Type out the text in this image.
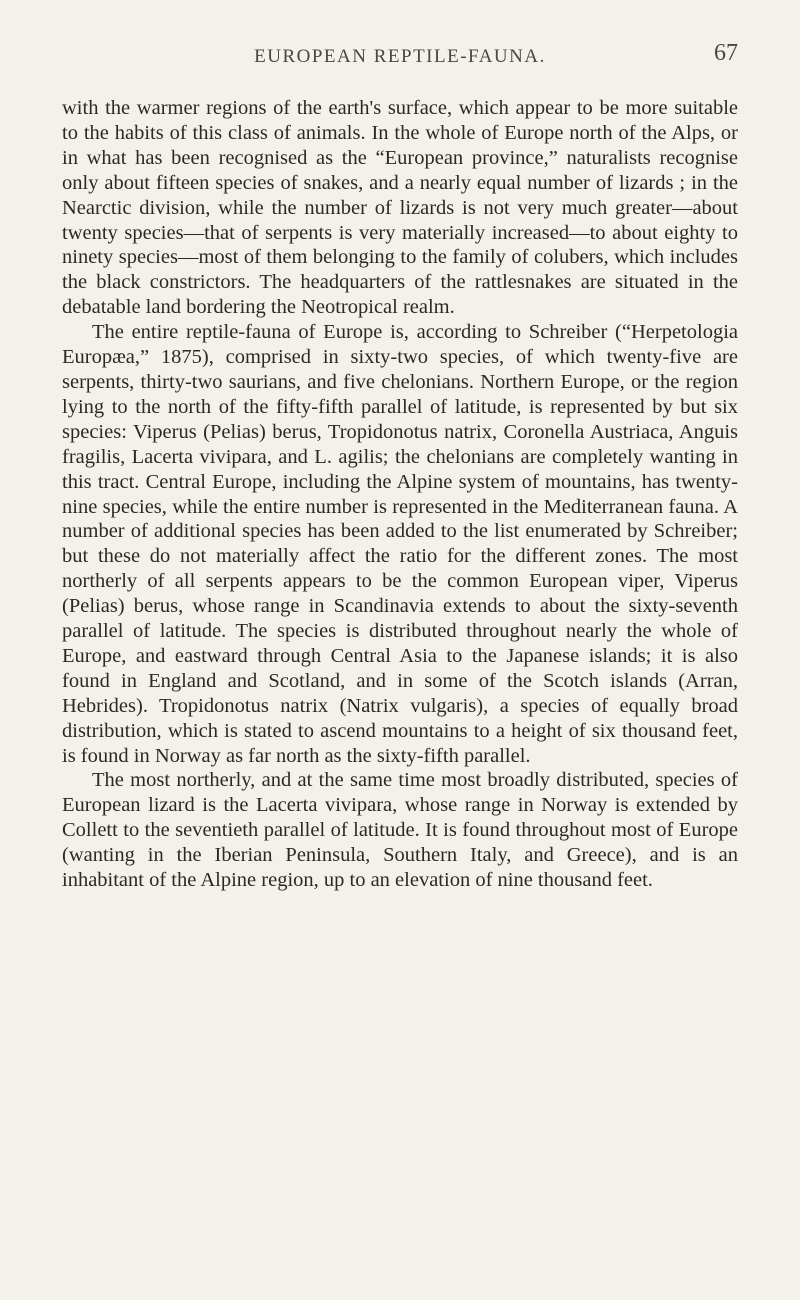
EUROPEAN REPTILE-FAUNA.	67

with the warmer regions of the earth's surface, which appear to be more suitable to the habits of this class of animals. In the whole of Europe north of the Alps, or in what has been recognised as the “European province,” naturalists recognise only about fifteen species of snakes, and a nearly equal number of lizards ; in the Nearctic division, while the number of lizards is not very much greater—about twenty species—that of serpents is very materially increased—to about eighty to ninety species—most of them belonging to the family of colubers, which includes the black constrictors. The headquarters of the rattlesnakes are situated in the debatable land bordering the Neotropical realm.

The entire reptile-fauna of Europe is, according to Schreiber (“Herpetologia Europæa,” 1875), comprised in sixty-two species, of which twenty-five are serpents, thirty-two saurians, and five chelonians. Northern Europe, or the region lying to the north of the fifty-fifth parallel of latitude, is represented by but six species: Viperus (Pelias) berus, Tropidonotus natrix, Coronella Austriaca, Anguis fragilis, Lacerta vivipara, and L. agilis; the chelonians are completely wanting in this tract. Central Europe, including the Alpine system of mountains, has twenty-nine species, while the entire number is represented in the Mediterranean fauna. A number of additional species has been added to the list enumerated by Schreiber; but these do not materially affect the ratio for the different zones. The most northerly of all serpents appears to be the common European viper, Viperus (Pelias) berus, whose range in Scandinavia extends to about the sixty-seventh parallel of latitude. The species is distributed throughout nearly the whole of Europe, and eastward through Central Asia to the Japanese islands; it is also found in England and Scotland, and in some of the Scotch islands (Arran, Hebrides). Tropidonotus natrix (Natrix vulgaris), a species of equally broad distribution, which is stated to ascend mountains to a height of six thousand feet, is found in Norway as far north as the sixty-fifth parallel.

The most northerly, and at the same time most broadly distributed, species of European lizard is the Lacerta vivipara, whose range in Norway is extended by Collett to the seventieth parallel of latitude. It is found throughout most of Europe (wanting in the Iberian Peninsula, Southern Italy, and Greece), and is an inhabitant of the Alpine region, up to an elevation of nine thousand feet.
